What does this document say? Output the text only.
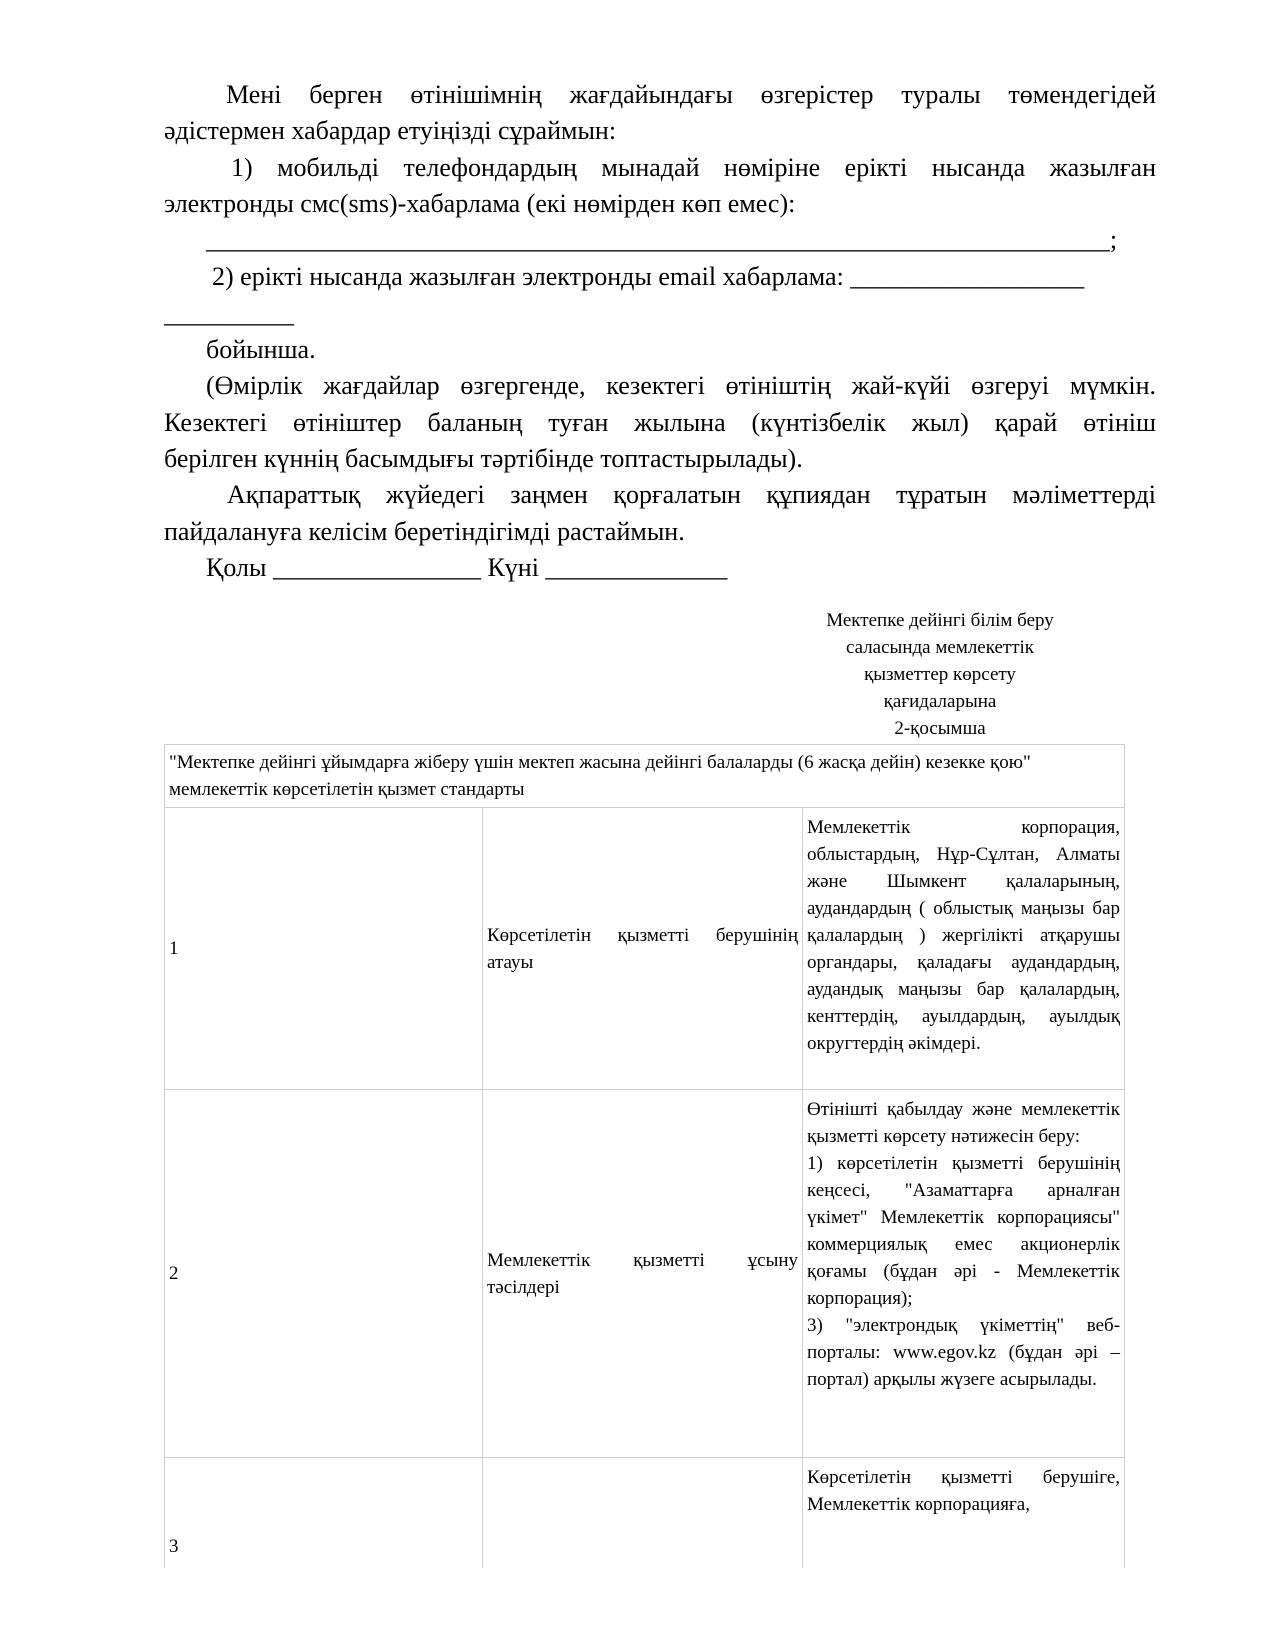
Мені берген өтінішімнің жағдайындағы өзгерістер туралы төмендегідей
әдістермен хабардар етуіңізді сұраймын:
1) мобильді телефондардың мынадай нөміріне ерікті нысанда жазылған
электронды смс(sms)-хабарлама (екі нөмірден көп емес):
_____________________________________________________________________;
2) ерікті нысанда жазылған электронды email хабарлама: __________________
__________
бойынша.
(Өмірлік жағдайлар өзгергенде, кезектегі өтініштің жай-күйі өзгеруі мүмкін.
Кезектегі өтініштер баланың туған жылына (күнтізбелік жыл) қарай өтініш
берілген күннің басымдығы тәртібінде топтастырылады).
Ақпараттық жүйедегі заңмен қорғалатын құпиядан тұратын мәліметтерді
пайдалануға келісім беретіндігімді растаймын.
Қолы ________________ Күні ______________
Мектепке дейінгі білім беру
саласында мемлекеттік
қызметтер көрсету
қағидаларына
2-қосымша
"Мектепке дейінгі ұйымдарға жіберу үшін мектеп жасына дейінгі балаларды (6 жасқа дейін) кезекке қою" мемлекеттік көрсетілетін қызмет стандарты		
1	Көрсетілетін қызметті берушінің атауы	Мемлекеттік корпорация, облыстардың, Нұр-Сұлтан, Алматы және Шымкент қалаларының, аудандардың ( облыстық маңызы бар қалалардың ) жергілікті атқарушы органдары, қаладағы аудандардың, аудандық маңызы бар қалалардың, кенттердің, ауылдардың, ауылдық округтердің әкімдері.

2	Мемлекеттік қызметті ұсыну тәсілдері	Өтінішті қабылдау және мемлекеттік қызметті көрсету нәтижесін беру:
1) көрсетілетін қызметті берушінің кеңсесі, "Азаматтарға арналған үкімет" Мемлекеттік корпорациясы" коммерциялық емес акционерлік қоғамы (бұдан әрі - Мемлекеттік корпорация);
3) "электрондық үкіметтің" веб-порталы: www.egov.kz (бұдан әрі – портал) арқылы жүзеге асырылады.

3		Көрсетілетін қызметті берушіге, Мемлекеттік корпорацияға,
